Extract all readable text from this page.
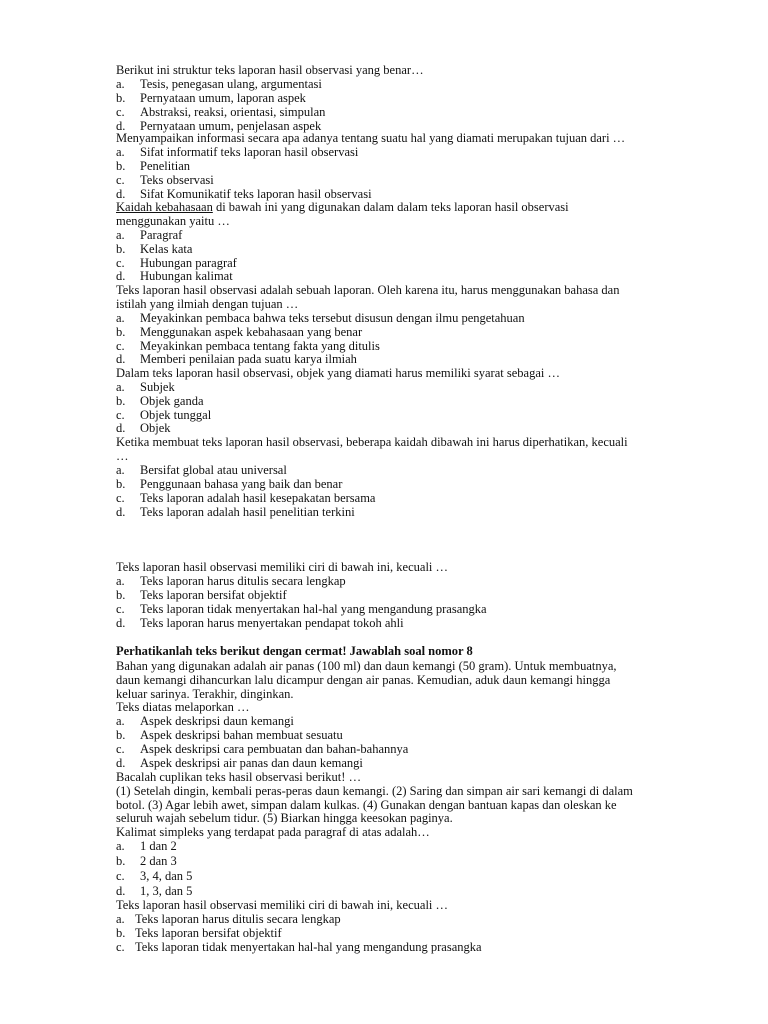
Berikut ini struktur teks laporan hasil observasi yang benar…
a. Tesis, penegasan ulang, argumentasi
b. Pernyataan umum, laporan aspek
c. Abstraksi, reaksi, orientasi, simpulan
d. Pernyataan umum, penjelasan aspek
Menyampaikan informasi secara apa adanya tentang suatu hal yang diamati merupakan tujuan dari …
a. Sifat informatif teks laporan hasil observasi
b. Penelitian
c. Teks observasi
d. Sifat Komunikatif teks laporan hasil observasi
Kaidah kebahasaan di bawah ini yang digunakan dalam dalam teks laporan hasil observasi
menggunakan yaitu …
a. Paragraf
b. Kelas kata
c. Hubungan paragraf
d. Hubungan kalimat
Teks laporan hasil observasi adalah sebuah laporan. Oleh karena itu, harus menggunakan bahasa dan
istilah yang ilmiah dengan tujuan …
a. Meyakinkan pembaca bahwa teks tersebut disusun dengan ilmu pengetahuan
b. Menggunakan aspek kebahasaan yang benar
c. Meyakinkan pembaca tentang fakta yang ditulis
d. Memberi penilaian pada suatu karya ilmiah
Dalam teks laporan hasil observasi, objek yang diamati harus memiliki syarat sebagai …
a. Subjek
b. Objek ganda
c. Objek tunggal
d. Objek
Ketika membuat teks laporan hasil observasi, beberapa kaidah dibawah ini harus diperhatikan, kecuali
…
a. Bersifat global atau universal
b. Penggunaan bahasa yang baik dan benar
c. Teks laporan adalah hasil kesepakatan bersama
d. Teks laporan adalah hasil penelitian terkini
Teks laporan hasil observasi memiliki ciri di bawah ini, kecuali …
a. Teks laporan harus ditulis secara lengkap
b. Teks laporan bersifat objektif
c. Teks laporan tidak menyertakan hal-hal yang mengandung prasangka
d. Teks laporan harus menyertakan pendapat tokoh ahli
Perhatikanlah teks berikut dengan cermat! Jawablah soal nomor 8
Bahan yang digunakan adalah air panas (100 ml) dan daun kemangi (50 gram). Untuk membuatnya,
daun kemangi dihancurkan lalu dicampur dengan air panas. Kemudian, aduk daun kemangi hingga
keluar sarinya. Terakhir, dinginkan.
Teks diatas melaporkan …
a. Aspek deskripsi daun kemangi
b. Aspek deskripsi bahan membuat sesuatu
c. Aspek deskripsi cara pembuatan dan bahan-bahannya
d. Aspek deskripsi air panas dan daun kemangi
Bacalah cuplikan teks hasil observasi berikut! …
(1) Setelah dingin, kembali peras-peras daun kemangi. (2) Saring dan simpan air sari kemangi di dalam
botol. (3) Agar lebih awet, simpan dalam kulkas. (4) Gunakan dengan bantuan kapas dan oleskan ke
seluruh wajah sebelum tidur. (5) Biarkan hingga keesokan paginya.
Kalimat simpleks yang terdapat pada paragraf di atas adalah…
a. 1 dan 2
b. 2 dan 3
c. 3, 4, dan 5
d. 1, 3, dan 5
Teks laporan hasil observasi memiliki ciri di bawah ini, kecuali …
a. Teks laporan harus ditulis secara lengkap
b. Teks laporan bersifat objektif
c. Teks laporan tidak menyertakan hal-hal yang mengandung prasangka
